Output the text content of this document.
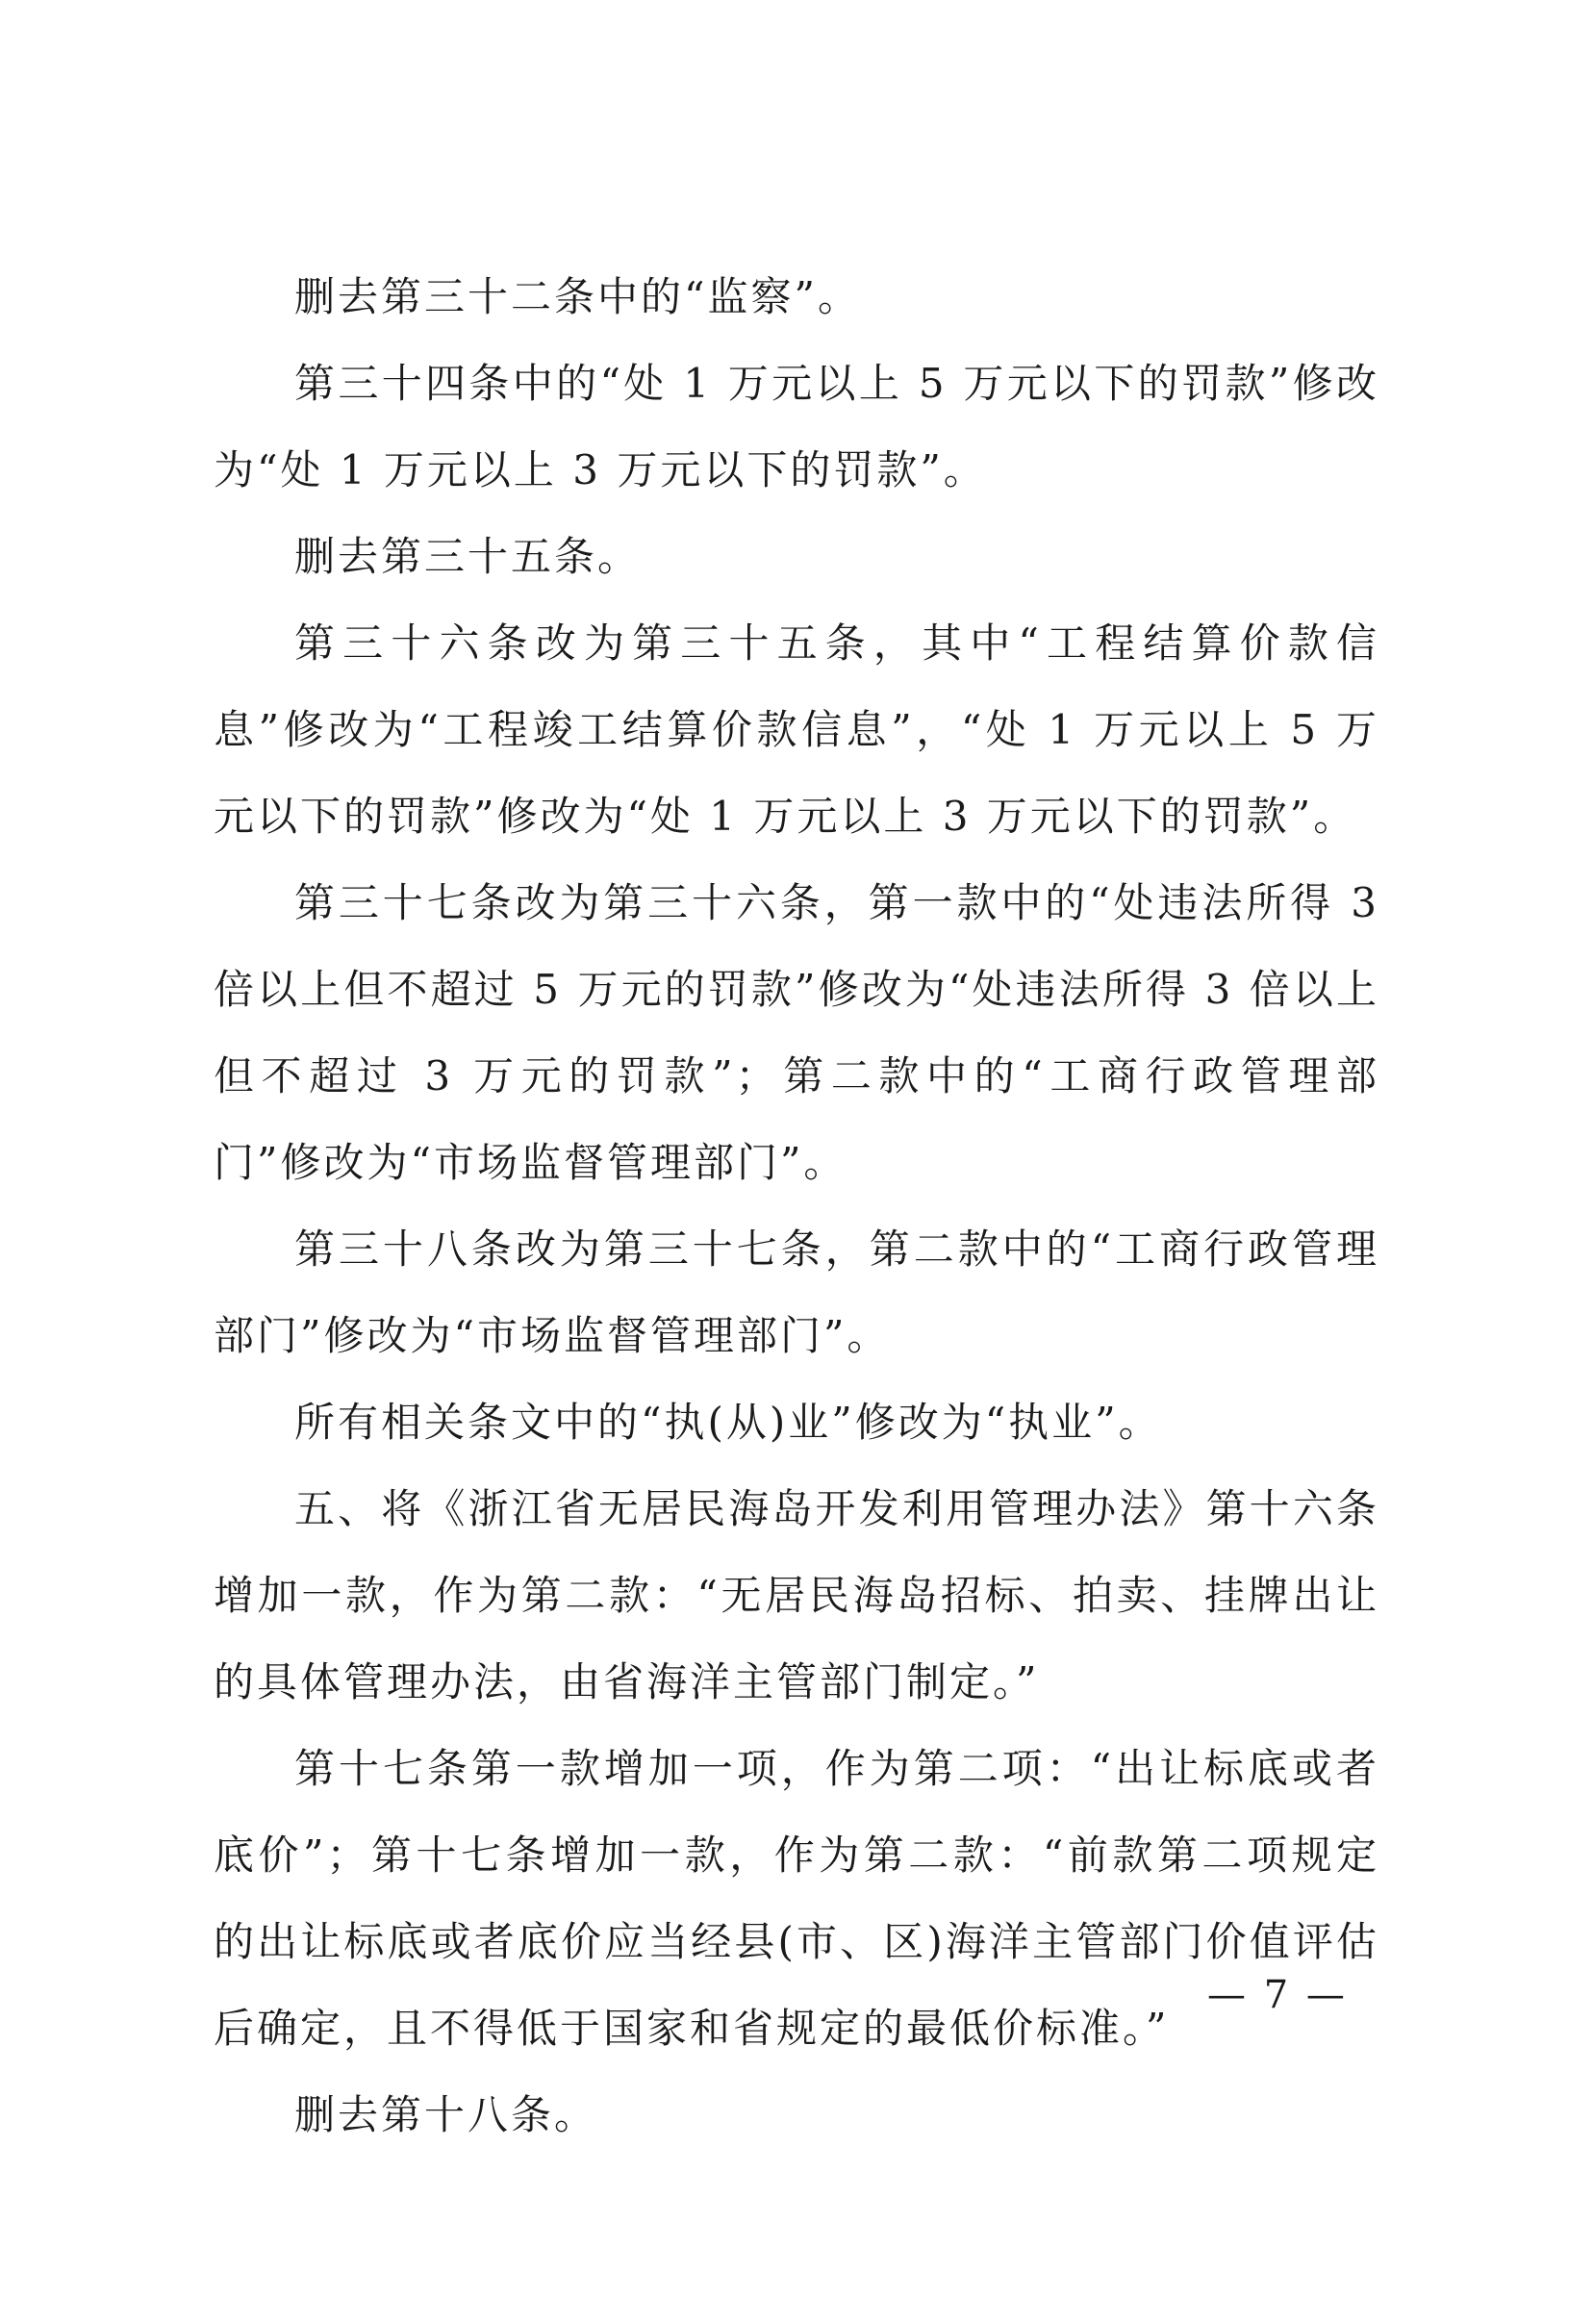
删去第三十二条中的“监察”。

第三十四条中的“处 1 万元以上 5 万元以下的罚款”修改为“处 1 万元以上 3 万元以下的罚款”。

删去第三十五条。

第三十六条改为第三十五条，其中“工程结算价款信息”修改为“工程竣工结算价款信息”，“处 1 万元以上 5 万元以下的罚款”修改为“处 1 万元以上 3 万元以下的罚款”。

第三十七条改为第三十六条，第一款中的“处违法所得 3 倍以上但不超过 5 万元的罚款”修改为“处违法所得 3 倍以上但不超过 3 万元的罚款”；第二款中的“工商行政管理部门”修改为“市场监督管理部门”。

第三十八条改为第三十七条，第二款中的“工商行政管理部门”修改为“市场监督管理部门”。

所有相关条文中的“执(从)业”修改为“执业”。

五、将《浙江省无居民海岛开发利用管理办法》第十六条增加一款，作为第二款：“无居民海岛招标、拍卖、挂牌出让的具体管理办法，由省海洋主管部门制定。”

第十七条第一款增加一项，作为第二项：“出让标底或者底价”；第十七条增加一款，作为第二款：“前款第二项规定的出让标底或者底价应当经县(市、区)海洋主管部门价值评估后确定，且不得低于国家和省规定的最低价标准。”

删去第十八条。

— 7 —
